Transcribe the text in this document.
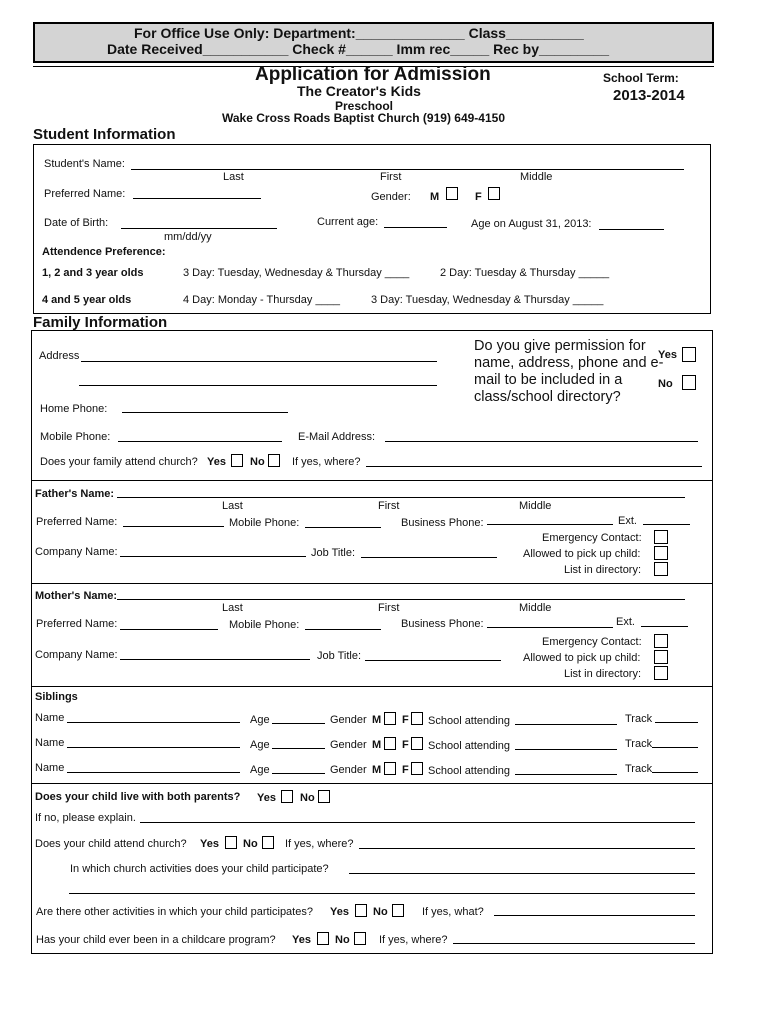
For Office Use Only: Department:______________ Class__________
Date Received___________ Check #______ Imm rec_____ Rec by_________
Application for Admission
The Creator's Kids
Preschool
Wake Cross Roads Baptist Church (919) 649-4150
School Term:
2013-2014
Student Information
Student's Name:
Last	First	Middle
Preferred Name:	Gender: M	F
Date of Birth:
mm/dd/yy
Current age:	Age on August 31, 2013:
Attendence Preference:
1, 2 and 3 year olds	3 Day: Tuesday, Wednesday & Thursday ____	2 Day: Tuesday & Thursday _____
4 and 5 year olds	4 Day: Monday - Thursday ____	3 Day: Tuesday, Wednesday & Thursday _____
Family Information
Address
Do you give permission for name, address, phone and e-mail to be included in a class/school directory?
Yes
No
Home Phone:
Mobile Phone:	E-Mail Address:
Does your family attend church? Yes No If yes, where?
Father's Name:
Last	First	Middle
Preferred Name:	Mobile Phone:	Business Phone:	Ext.
Company Name:	Job Title:
Emergency Contact:
Allowed to pick up child:
List in directory:
Mother's Name:
Last	First	Middle
Preferred Name:	Mobile Phone:	Business Phone:	Ext.
Company Name:	Job Title:
Emergency Contact:
Allowed to pick up child:
List in directory:
Siblings
Name	Age	Gender M F School attending	Track
Name	Age	Gender M F School attending	Track
Name	Age	Gender M F School attending	Track
Does your child live with both parents? Yes No
If no, please explain.
Does your child attend church? Yes No If yes, where?
In which church activities does your child participate?
Are there other activities in which your child participates? Yes No	If yes, what?
Has your child ever been in a childcare program? Yes No	If yes, where?
